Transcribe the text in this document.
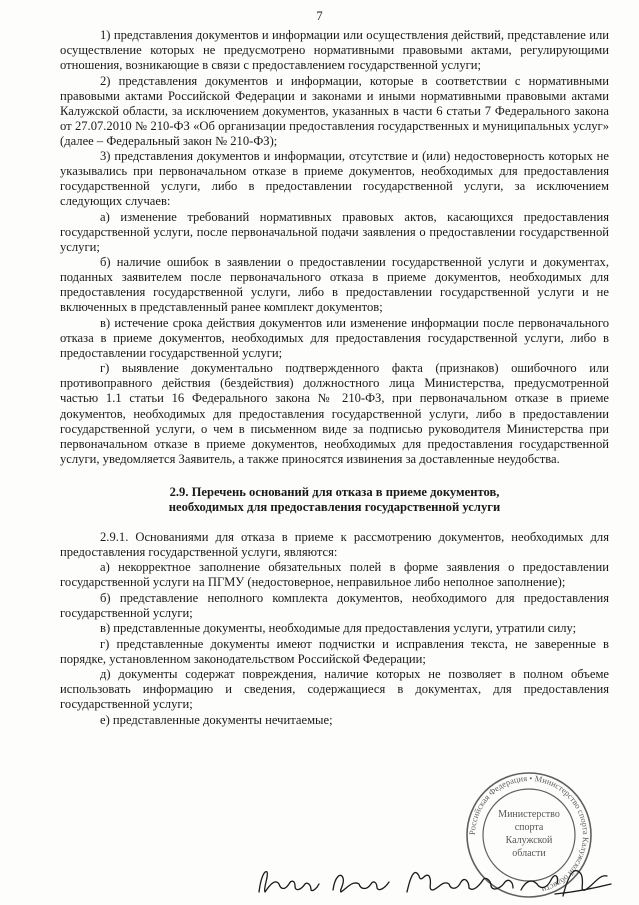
7

1) представления документов и информации или осуществления действий, представление или осуществление которых не предусмотрено нормативными правовыми актами, регулирующими отношения, возникающие в связи с предоставлением государственной услуги;

2) представления документов и информации, которые в соответствии с нормативными правовыми актами Российской Федерации и законами и иными нормативными правовыми актами Калужской области, за исключением документов, указанных в части 6 статьи 7 Федерального закона от 27.07.2010 № 210-ФЗ «Об организации предоставления государственных и муниципальных услуг» (далее – Федеральный закон № 210-ФЗ);

3) представления документов и информации, отсутствие и (или) недостоверность которых не указывались при первоначальном отказе в приеме документов, необходимых для предоставления государственной услуги, либо в предоставлении государственной услуги, за исключением следующих случаев:

а) изменение требований нормативных правовых актов, касающихся предоставления государственной услуги, после первоначальной подачи заявления о предоставлении государственной услуги;

б) наличие ошибок в заявлении о предоставлении государственной услуги и документах, поданных заявителем после первоначального отказа в приеме документов, необходимых для предоставления государственной услуги, либо в предоставлении государственной услуги и не включенных в представленный ранее комплект документов;

в) истечение срока действия документов или изменение информации после первоначального отказа в приеме документов, необходимых для предоставления государственной услуги, либо в предоставлении государственной услуги;

г) выявление документально подтвержденного факта (признаков) ошибочного или противоправного действия (бездействия) должностного лица Министерства, предусмотренной частью 1.1 статьи 16 Федерального закона № 210-ФЗ, при первоначальном отказе в приеме документов, необходимых для предоставления государственной услуги, либо в предоставлении государственной услуги, о чем в письменном виде за подписью руководителя Министерства при первоначальном отказе в приеме документов, необходимых для предоставления государственной услуги, уведомляется Заявитель, а также приносятся извинения за доставленные неудобства.

2.9. Перечень оснований для отказа в приеме документов,
необходимых для предоставления государственной услуги

2.9.1. Основаниями для отказа в приеме к рассмотрению документов, необходимых для предоставления государственной услуги, являются:

а) некорректное заполнение обязательных полей в форме заявления о предоставлении государственной услуги на ПГМУ (недостоверное, неправильное либо неполное заполнение);

б) представление неполного комплекта документов, необходимого для предоставления государственной услуги;

в) представленные документы, необходимые для предоставления услуги, утратили силу;

г) представленные документы имеют подчистки и исправления текста, не заверенные в порядке, установленном законодательством Российской Федерации;

д) документы содержат повреждения, наличие которых не позволяет в полном объеме использовать информацию и сведения, содержащиеся в документах, для предоставления государственной услуги;

е) представленные документы нечитаемые;

Российская Федерация • Министерство спорта Калужской области
Министерство
спорта
Калужской
области
Копия верна Михайлов
